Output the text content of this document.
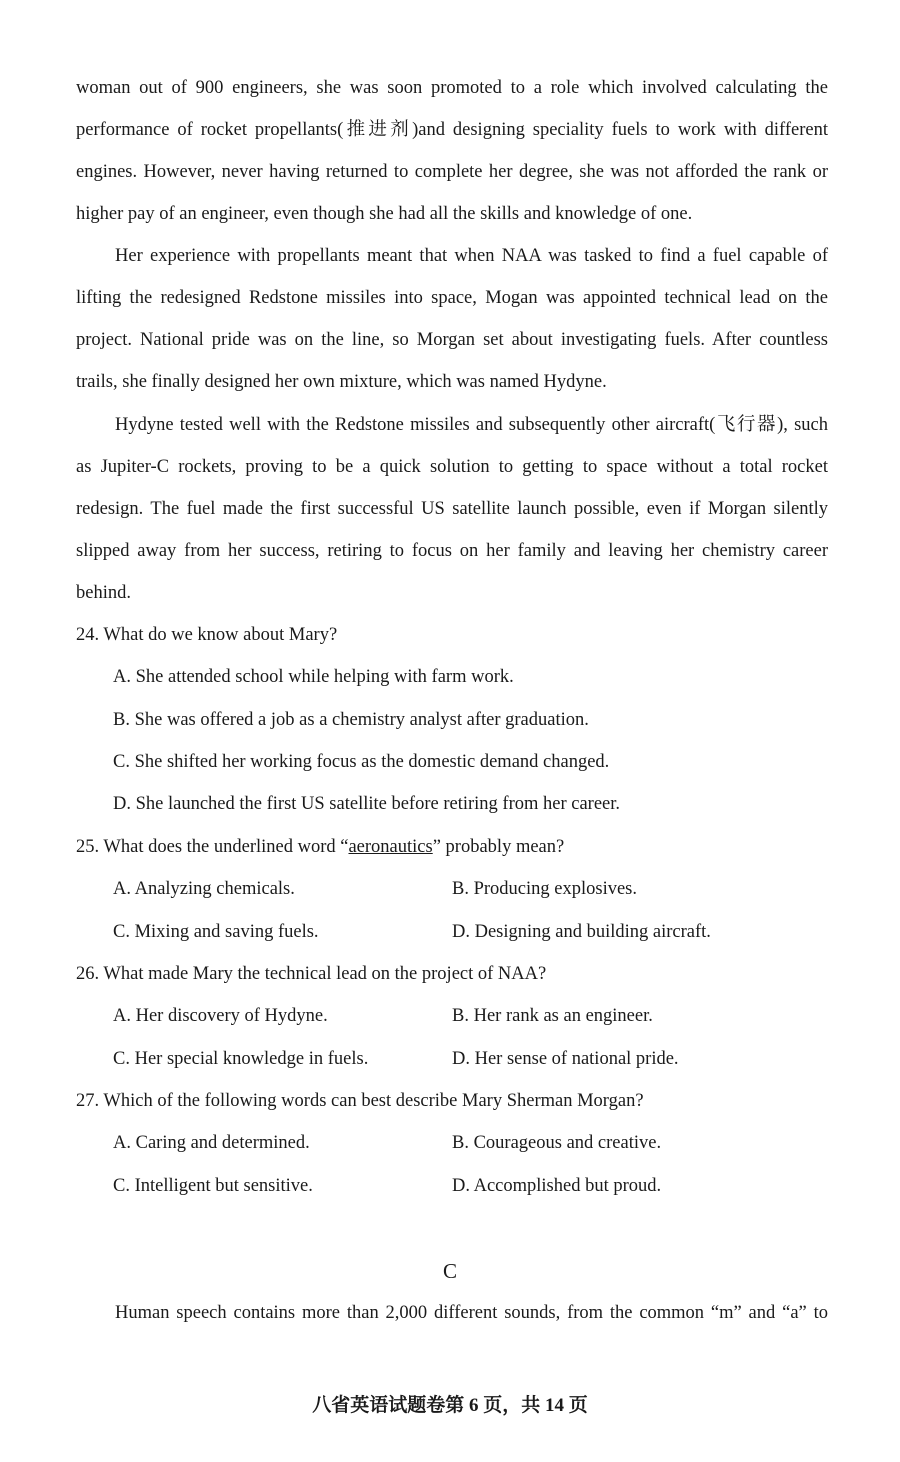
woman out of 900 engineers, she was soon promoted to a role which involved calculating the
performance of rocket propellants(推进剂)and designing speciality fuels to work with different
engines. However, never having returned to complete her degree, she was not afforded the rank or
higher pay of an engineer, even though she had all the skills and knowledge of one.
Her experience with propellants meant that when NAA was tasked to find a fuel capable of
lifting the redesigned Redstone missiles into space, Mogan was appointed technical lead on the
project. National pride was on the line, so Morgan set about investigating fuels. After countless
trails, she finally designed her own mixture, which was named Hydyne.
Hydyne tested well with the Redstone missiles and subsequently other aircraft(飞行器), such
as Jupiter-C rockets, proving to be a quick solution to getting to space without a total rocket
redesign. The fuel made the first successful US satellite launch possible, even if Morgan silently
slipped away from her success, retiring to focus on her family and leaving her chemistry career
behind.
24. What do we know about Mary?
A. She attended school while helping with farm work.
B. She was offered a job as a chemistry analyst after graduation.
C. She shifted her working focus as the domestic demand changed.
D. She launched the first US satellite before retiring from her career.
25. What does the underlined word “aeronautics” probably mean?
A. Analyzing chemicals.	B. Producing explosives.
C. Mixing and saving fuels.	D. Designing and building aircraft.
26. What made Mary the technical lead on the project of NAA?
A. Her discovery of Hydyne.	B. Her rank as an engineer.
C. Her special knowledge in fuels.	D. Her sense of national pride.
27. Which of the following words can best describe Mary Sherman Morgan?
A. Caring and determined.	B. Courageous and creative.
C. Intelligent but sensitive.	D. Accomplished but proud.
C
Human speech contains more than 2,000 different sounds, from the common “m” and “a” to
八省英语试题卷第 6 页，共 14 页
